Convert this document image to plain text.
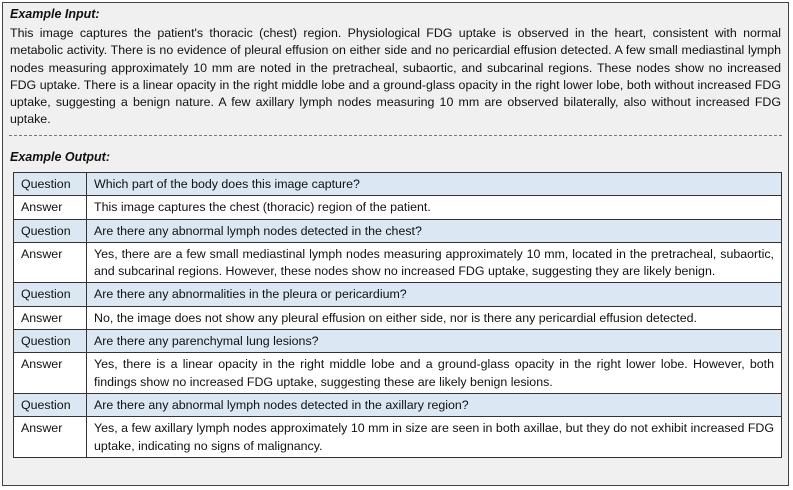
Example Input:
This image captures the patient's thoracic (chest) region. Physiological FDG uptake is observed in the heart, consistent with normal metabolic activity. There is no evidence of pleural effusion on either side and no pericardial effusion detected. A few small mediastinal lymph nodes measuring approximately 10 mm are noted in the pretracheal, subaortic, and subcarinal regions. These nodes show no increased FDG uptake. There is a linear opacity in the right middle lobe and a ground-glass opacity in the right lower lobe, both without increased FDG uptake, suggesting a benign nature. A few axillary lymph nodes measuring 10 mm are observed bilaterally, also without increased FDG uptake.
Example Output:
Question	Which part of the body does this image capture?
Answer	This image captures the chest (thoracic) region of the patient.
Question	Are there any abnormal lymph nodes detected in the chest?
Answer	Yes, there are a few small mediastinal lymph nodes measuring approximately 10 mm, located in the pretracheal, subaortic, and subcarinal regions. However, these nodes show no increased FDG uptake, suggesting they are likely benign.
Question	Are there any abnormalities in the pleura or pericardium?
Answer	No, the image does not show any pleural effusion on either side, nor is there any pericardial effusion detected.
Question	Are there any parenchymal lung lesions?
Answer	Yes, there is a linear opacity in the right middle lobe and a ground-glass opacity in the right lower lobe. However, both findings show no increased FDG uptake, suggesting these are likely benign lesions.
Question	Are there any abnormal lymph nodes detected in the axillary region?
Answer	Yes, a few axillary lymph nodes approximately 10 mm in size are seen in both axillae, but they do not exhibit increased FDG uptake, indicating no signs of malignancy.
